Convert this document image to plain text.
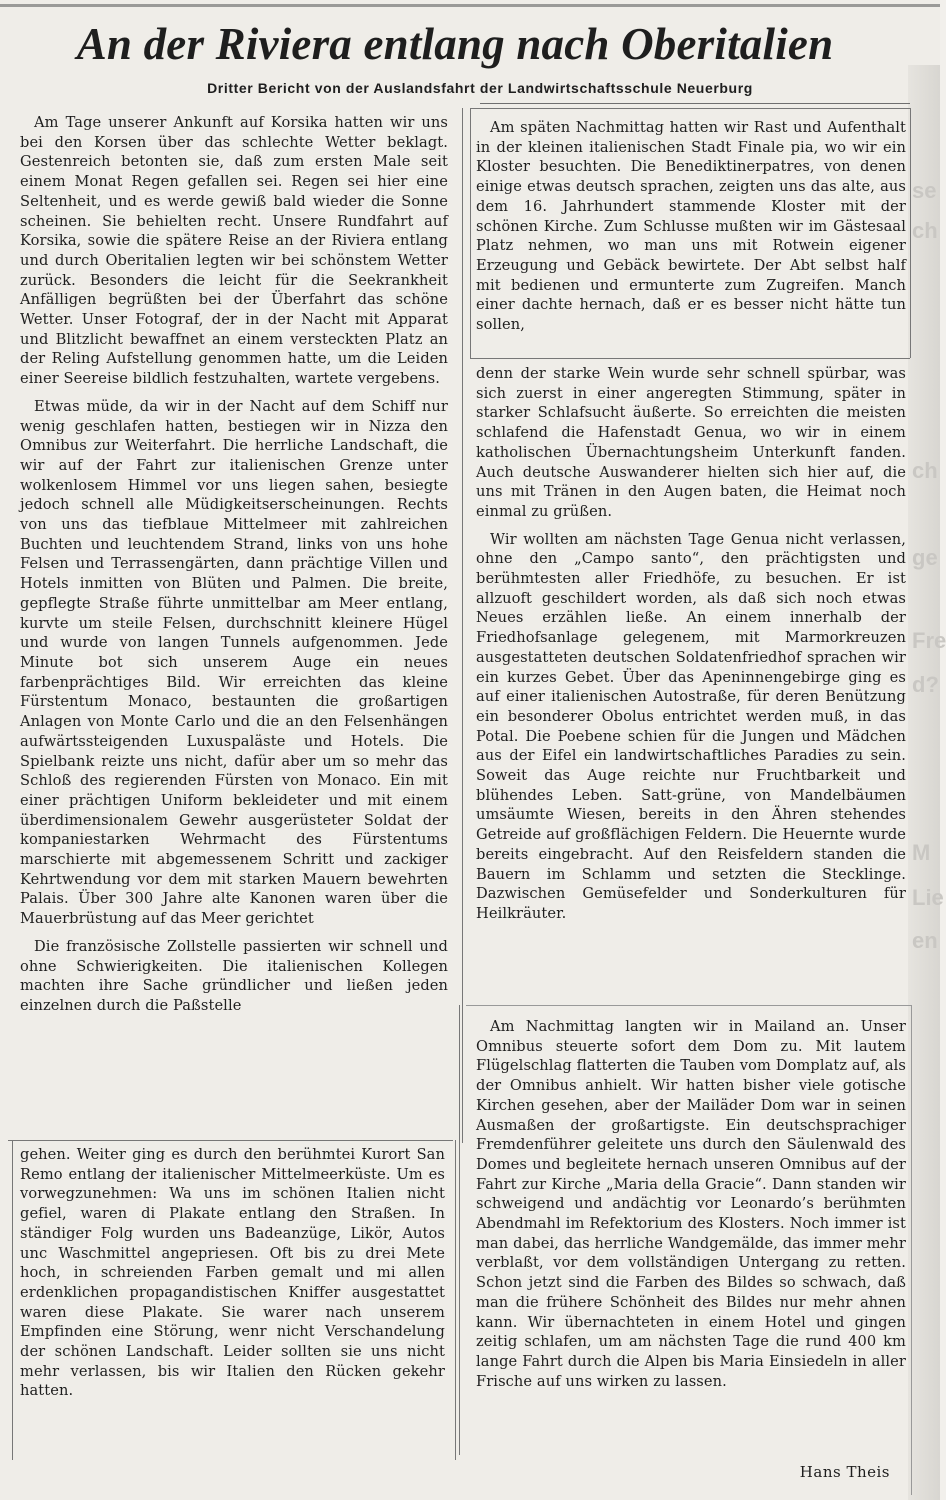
An der Riviera entlang nach Oberitalien
Dritter Bericht von der Auslandsfahrt der Landwirtschaftsschule Neuerburg

Am Tage unserer Ankunft auf Korsika hatten wir uns bei den Korsen über das schlechte Wetter beklagt. Gestenreich betonten sie, daß zum ersten Male seit einem Monat Regen gefallen sei. Regen sei hier eine Seltenheit, und es werde gewiß bald wieder die Sonne scheinen. Sie behielten recht. Unsere Rundfahrt auf Korsika, sowie die spätere Reise an der Riviera entlang und durch Oberitalien legten wir bei schönstem Wetter zurück. Besonders die leicht für die Seekrankheit Anfälligen begrüßten bei der Überfahrt das schöne Wetter. Unser Fotograf, der in der Nacht mit Apparat und Blitzlicht bewaffnet an einem versteckten Platz an der Reling Aufstellung genommen hatte, um die Leiden einer Seereise bildlich festzuhalten, wartete vergebens.

Etwas müde, da wir in der Nacht auf dem Schiff nur wenig geschlafen hatten, bestiegen wir in Nizza den Omnibus zur Weiterfahrt. Die herrliche Landschaft, die wir auf der Fahrt zur italienischen Grenze unter wolkenlosem Himmel vor uns liegen sahen, besiegte jedoch schnell alle Müdigkeitserscheinungen. Rechts von uns das tiefblaue Mittelmeer mit zahlreichen Buchten und leuchtendem Strand, links von uns hohe Felsen und Terrassengärten, dann prächtige Villen und Hotels inmitten von Blüten und Palmen. Die breite, gepflegte Straße führte unmittelbar am Meer entlang, kurvte um steile Felsen, durchschnitt kleinere Hügel und wurde von langen Tunnels aufgenommen. Jede Minute bot sich unserem Auge ein neues farbenprächtiges Bild. Wir erreichten das kleine Fürstentum Monaco, bestaunten die großartigen Anlagen von Monte Carlo und die an den Felsenhängen aufwärtssteigenden Luxuspaläste und Hotels. Die Spielbank reizte uns nicht, dafür aber um so mehr das Schloß des regierenden Fürsten von Monaco. Ein mit einer prächtigen Uniform bekleideter und mit einem überdimensionalem Gewehr ausgerüsteter Soldat der kompaniestarken Wehrmacht des Fürstentums marschierte mit abgemessenem Schritt und zackiger Kehrtwendung vor dem mit starken Mauern bewehrten Palais. Über 300 Jahre alte Kanonen waren über die Mauerbrüstung auf das Meer gerichtet

Die französische Zollstelle passierten wir schnell und ohne Schwierigkeiten. Die italienischen Kollegen machten ihre Sache gründlicher und ließen jeden einzelnen durch die Paßstelle

gehen. Weiter ging es durch den berühmtei Kurort San Remo entlang der italienischer Mittelmeerküste. Um es vorwegzunehmen: Wa uns im schönen Italien nicht gefiel, waren di Plakate entlang den Straßen. In ständiger Folg wurden uns Badeanzüge, Likör, Autos unc Waschmittel angepriesen. Oft bis zu drei Mete hoch, in schreienden Farben gemalt und mi allen erdenklichen propagandistischen Kniffer ausgestattet waren diese Plakate. Sie warer nach unserem Empfinden eine Störung, wenr nicht Verschandelung der schönen Landschaft. Leider sollten sie uns nicht mehr verlassen, bis wir Italien den Rücken gekehr hatten.

Am späten Nachmittag hatten wir Rast und Aufenthalt in der kleinen italienischen Stadt Finale pia, wo wir ein Kloster besuchten. Die Benediktinerpatres, von denen einige etwas deutsch sprachen, zeigten uns das alte, aus dem 16. Jahrhundert stammende Kloster mit der schönen Kirche. Zum Schlusse mußten wir im Gästesaal Platz nehmen, wo man uns mit Rotwein eigener Erzeugung und Gebäck bewirtete. Der Abt selbst half mit bedienen und ermunterte zum Zugreifen. Manch einer dachte hernach, daß er es besser nicht hätte tun sollen,

denn der starke Wein wurde sehr schnell spürbar, was sich zuerst in einer angeregten Stimmung, später in starker Schlafsucht äußerte. So erreichten die meisten schlafend die Hafenstadt Genua, wo wir in einem katholischen Übernachtungsheim Unterkunft fanden. Auch deutsche Auswanderer hielten sich hier auf, die uns mit Tränen in den Augen baten, die Heimat noch einmal zu grüßen.

Wir wollten am nächsten Tage Genua nicht verlassen, ohne den „Campo santo“, den prächtigsten und berühmtesten aller Friedhöfe, zu besuchen. Er ist allzuoft geschildert worden, als daß sich noch etwas Neues erzählen ließe. An einem innerhalb der Friedhofsanlage gelegenem, mit Marmorkreuzen ausgestatteten deutschen Soldatenfriedhof sprachen wir ein kurzes Gebet. Über das Apeninnengebirge ging es auf einer italienischen Autostraße, für deren Benützung ein besonderer Obolus entrichtet werden muß, in das Potal. Die Poebene schien für die Jungen und Mädchen aus der Eifel ein landwirtschaftliches Paradies zu sein. Soweit das Auge reichte nur Fruchtbarkeit und blühendes Leben. Satt-grüne, von Mandelbäumen umsäumte Wiesen, bereits in den Ähren stehendes Getreide auf großflächigen Feldern. Die Heuernte wurde bereits eingebracht. Auf den Reisfeldern standen die Bauern im Schlamm und setzten die Stecklinge. Dazwischen Gemüsefelder und Sonderkulturen für Heilkräuter.

Am Nachmittag langten wir in Mailand an. Unser Omnibus steuerte sofort dem Dom zu. Mit lautem Flügelschlag flatterten die Tauben vom Domplatz auf, als der Omnibus anhielt. Wir hatten bisher viele gotische Kirchen gesehen, aber der Mailäder Dom war in seinen Ausmaßen der großartigste. Ein deutschsprachiger Fremdenführer geleitete uns durch den Säulenwald des Domes und begleitete hernach unseren Omnibus auf der Fahrt zur Kirche „Maria della Gracie“. Dann standen wir schweigend und andächtig vor Leonardo’s berühmten Abendmahl im Refektorium des Klosters. Noch immer ist man dabei, das herrliche Wandgemälde, das immer mehr verblaßt, vor dem vollständigen Untergang zu retten. Schon jetzt sind die Farben des Bildes so schwach, daß man die frühere Schönheit des Bildes nur mehr ahnen kann. Wir übernachteten in einem Hotel und gingen zeitig schlafen, um am nächsten Tage die rund 400 km lange Fahrt durch die Alpen bis Maria Einsiedeln in aller Frische auf uns wirken zu lassen.

Hans Theis
se
ch
ch
ge
Fre
d?
M
Lie
en
